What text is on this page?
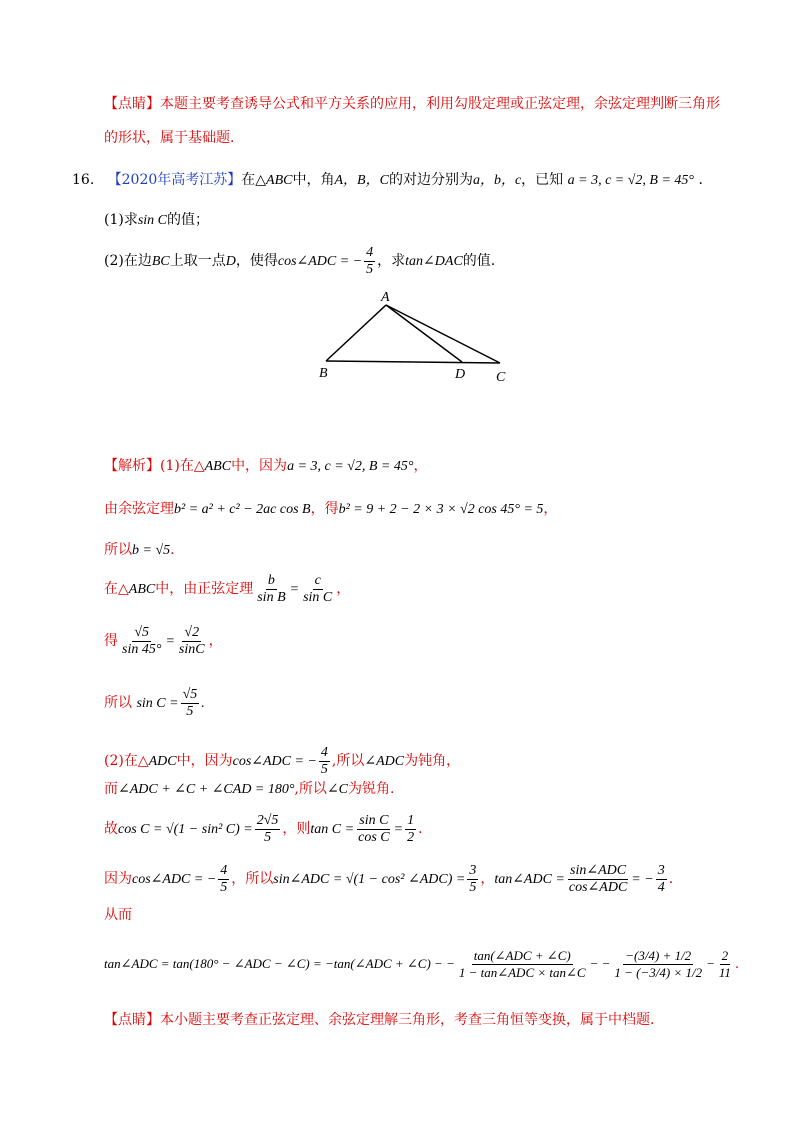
【点睛】本题主要考查诱导公式和平方关系的应用，利用勾股定理或正弦定理，余弦定理判断三角形
的形状，属于基础题.
16. 【2020年高考江苏】在△ABC中，角A，B，C的对边分别为a，b，c，已知 a = 3, c = √2, B = 45° .
(1)求sin C的值；
(2)在边BC上取一点D，使得cos∠ADC = − $\frac{4}{5}$ ，求tan∠DAC的值.
A
B	C
D
【解析】(1)在△ABC中，因为a = 3, c = √2, B = 45°，
由余弦定理b² = a² + c² − 2ac cos B，得b² = 9 + 2 − 2 × 3 × √2 cos 45° = 5，
所以b = √5.
在△ABC中，由正弦定理 $\frac{b}{\text{sin B}} = \frac{c}{\text{sin C}}$ ，
得 $\frac{√5}{\sin 45^\circ} = \frac{√2}{\sin C}$ ，
所以 $\sin C = \frac{√5}{5}$ .
(2)在△ADC中，因为cos∠ADC = − $\frac{4}{5}$ ,所以∠ADC为钝角，
而∠ADC + ∠C + ∠CAD = 180°,所以∠C为锐角.
故cos C = √(1 − sin² $C) = \frac{2√5}{5}$ ，则$\tan C = \frac{\text{sin C}}{\text{cos C}} = \frac{1}{2}$ .
因为cos∠ADC = − $\frac{4}{5}$ ，所以sin∠ADC = √(1 − cos² ∠ADC) = $\frac{3}{5}$ ，tan∠ADC = $\frac{\text{sin∠ADC}}{\text{cos∠ADC}}$ = − $\frac{3}{4}$ .
从而
tan∠ADC = tan(180° − ∠ADC − ∠C) = −tan(∠ADC + ∠C) − − $\frac{\text{tan(∠ADC + ∠C)}}{\text{1 − tan∠ADC × tan∠C}}$ − − $\frac{-(3/4) + 1/2}{1 - (-3/4) \times 1/2} - \frac{2}{11}$ .
【点睛】本小题主要考查正弦定理、余弦定理解三角形，考查三角恒等变换，属于中档题.
